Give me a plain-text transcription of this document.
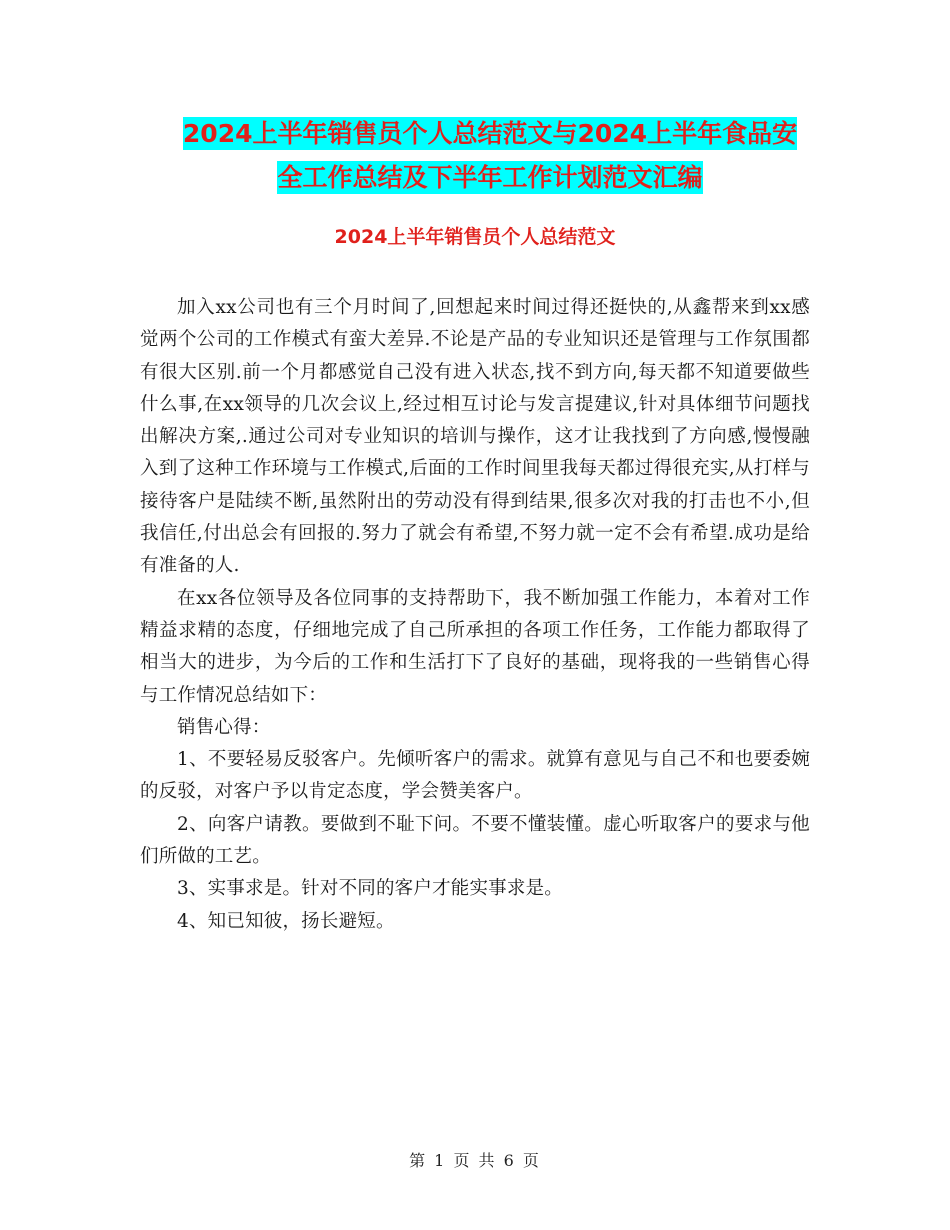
2024上半年销售员个人总结范文与2024上半年食品安
全工作总结及下半年工作计划范文汇编
2024上半年销售员个人总结范文

加入xx公司也有三个月时间了,回想起来时间过得还挺快的,从鑫帮来到xx感觉两个公司的工作模式有蛮大差异.不论是产品的专业知识还是管理与工作氛围都有很大区别.前一个月都感觉自己没有进入状态,找不到方向,每天都不知道要做些什么事,在xx领导的几次会议上,经过相互讨论与发言提建议,针对具体细节问题找出解决方案,.通过公司对专业知识的培训与操作，这才让我找到了方向感,慢慢融入到了这种工作环境与工作模式,后面的工作时间里我每天都过得很充实,从打样与接待客户是陆续不断,虽然附出的劳动没有得到结果,很多次对我的打击也不小,但我信任,付出总会有回报的.努力了就会有希望,不努力就一定不会有希望.成功是给有准备的人.

在xx各位领导及各位同事的支持帮助下，我不断加强工作能力，本着对工作精益求精的态度，仔细地完成了自己所承担的各项工作任务，工作能力都取得了相当大的进步，为今后的工作和生活打下了良好的基础，现将我的一些销售心得与工作情况总结如下：

销售心得：

1、不要轻易反驳客户。先倾听客户的需求。就算有意见与自己不和也要委婉的反驳，对客户予以肯定态度，学会赞美客户。

2、向客户请教。要做到不耻下问。不要不懂装懂。虚心听取客户的要求与他们所做的工艺。

3、实事求是。针对不同的客户才能实事求是。

4、知已知彼，扬长避短。

第 1 页 共 6 页
